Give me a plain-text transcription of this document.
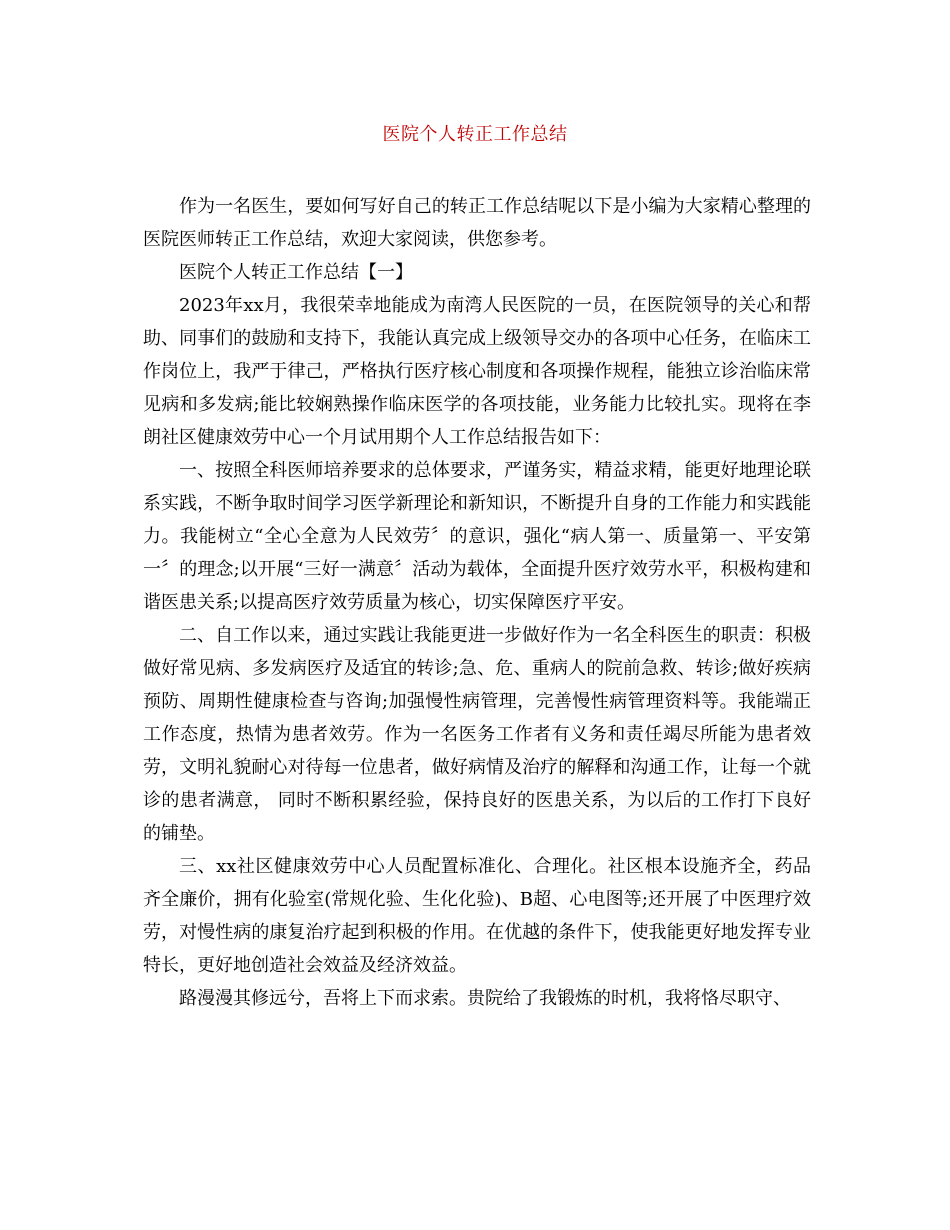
医院个人转正工作总结

作为一名医生，要如何写好自己的转正工作总结呢以下是小编为大家精心整理的医院医师转正工作总结，欢迎大家阅读，供您参考。

医院个人转正工作总结【一】

2023年xx月，我很荣幸地能成为南湾人民医院的一员，在医院领导的关心和帮助、同事们的鼓励和支持下，我能认真完成上级领导交办的各项中心任务，在临床工作岗位上，我严于律己，严格执行医疗核心制度和各项操作规程，能独立诊治临床常见病和多发病;能比较娴熟操作临床医学的各项技能，业务能力比较扎实。现将在李朗社区健康效劳中心一个月试用期个人工作总结报告如下：

一、按照全科医师培养要求的总体要求，严谨务实，精益求精，能更好地理论联系实践，不断争取时间学习医学新理论和新知识，不断提升自身的工作能力和实践能力。我能树立“全心全意为人民效劳〞的意识，强化“病人第一、质量第一、平安第一〞的理念;以开展“三好一满意〞活动为载体，全面提升医疗效劳水平，积极构建和谐医患关系;以提高医疗效劳质量为核心，切实保障医疗平安。

二、自工作以来，通过实践让我能更进一步做好作为一名全科医生的职责：积极做好常见病、多发病医疗及适宜的转诊;急、危、重病人的院前急救、转诊;做好疾病预防、周期性健康检查与咨询;加强慢性病管理，完善慢性病管理资料等。我能端正工作态度，热情为患者效劳。作为一名医务工作者有义务和责任竭尽所能为患者效劳，文明礼貌耐心对待每一位患者，做好病情及治疗的解释和沟通工作，让每一个就诊的患者满意， 同时不断积累经验，保持良好的医患关系，为以后的工作打下良好的铺垫。

三、xx社区健康效劳中心人员配置标准化、合理化。社区根本设施齐全，药品齐全廉价，拥有化验室(常规化验、生化化验)、B超、心电图等;还开展了中医理疗效劳，对慢性病的康复治疗起到积极的作用。在优越的条件下，使我能更好地发挥专业特长，更好地创造社会效益及经济效益。

路漫漫其修远兮，吾将上下而求索。贵院给了我锻炼的时机，我将恪尽职守、
